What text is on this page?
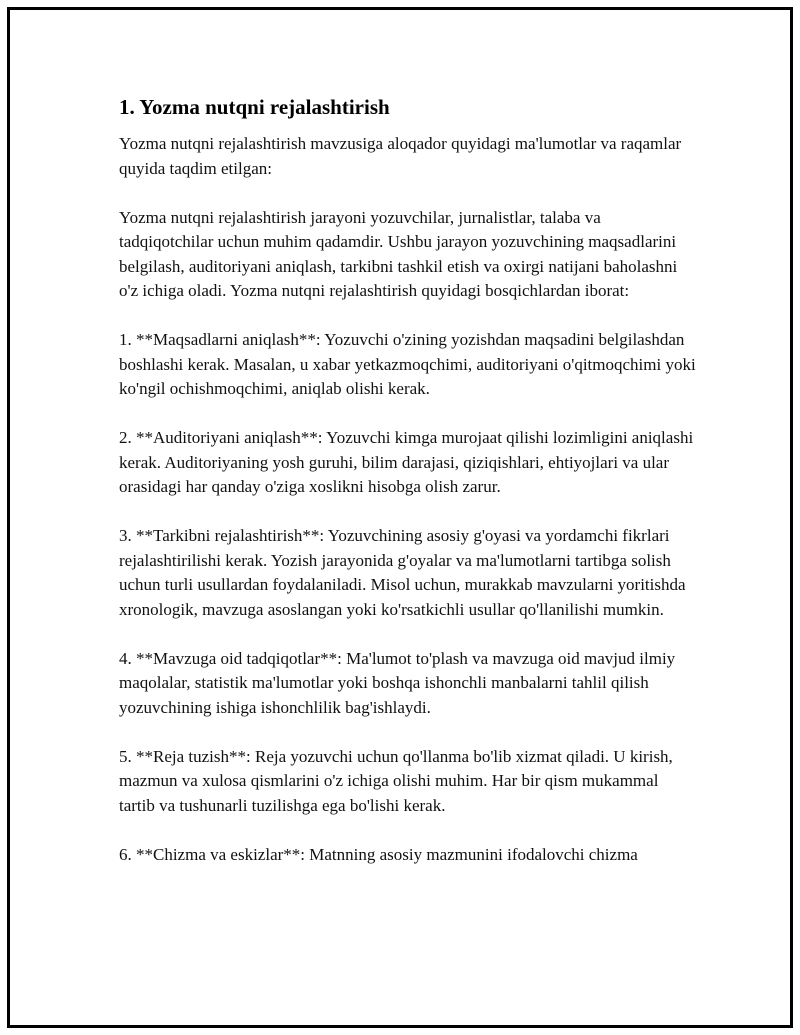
1. Yozma nutqni rejalashtirish

Yozma nutqni rejalashtirish mavzusiga aloqador quyidagi ma'lumotlar va raqamlar quyida taqdim etilgan:

Yozma nutqni rejalashtirish jarayoni yozuvchilar, jurnalistlar, talaba va tadqiqotchilar uchun muhim qadamdir. Ushbu jarayon yozuvchining maqsadlarini belgilash, auditoriyani aniqlash, tarkibni tashkil etish va oxirgi natijani baholashni o'z ichiga oladi. Yozma nutqni rejalashtirish quyidagi bosqichlardan iborat:

1. **Maqsadlarni aniqlash**: Yozuvchi o'zining yozishdan maqsadini belgilashdan boshlashi kerak. Masalan, u xabar yetkazmoqchimi, auditoriyani o'qitmoqchimi yoki ko'ngil ochishmoqchimi, aniqlab olishi kerak.

2. **Auditoriyani aniqlash**: Yozuvchi kimga murojaat qilishi lozimligini aniqlashi kerak. Auditoriyaning yosh guruhi, bilim darajasi, qiziqishlari, ehtiyojlari va ular orasidagi har qanday o'ziga xoslikni hisobga olish zarur.

3. **Tarkibni rejalashtirish**: Yozuvchining asosiy g'oyasi va yordamchi fikrlari rejalashtirilishi kerak. Yozish jarayonida g'oyalar va ma'lumotlarni tartibga solish uchun turli usullardan foydalaniladi. Misol uchun, murakkab mavzularni yoritishda xronologik, mavzuga asoslangan yoki ko'rsatkichli usullar qo'llanilishi mumkin.

4. **Mavzuga oid tadqiqotlar**: Ma'lumot to'plash va mavzuga oid mavjud ilmiy maqolalar, statistik ma'lumotlar yoki boshqa ishonchli manbalarni tahlil qilish yozuvchining ishiga ishonchlilik bag'ishlaydi.

5. **Reja tuzish**: Reja yozuvchi uchun qo'llanma bo'lib xizmat qiladi. U kirish, mazmun va xulosa qismlarini o'z ichiga olishi muhim. Har bir qism mukammal tartib va tushunarli tuzilishga ega bo'lishi kerak.

6. **Chizma va eskizlar**: Matnning asosiy mazmunini ifodalovchi chizma
